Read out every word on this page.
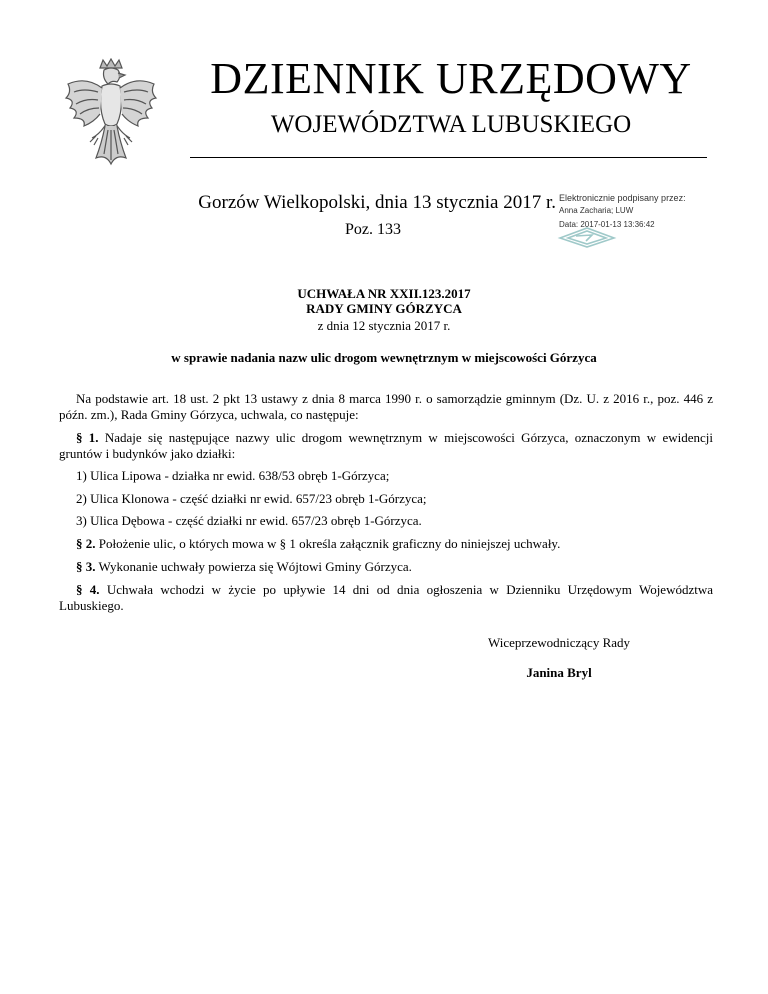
DZIENNIK URZĘDOWY
WOJEWÓDZTWA LUBUSKIEGO
Gorzów Wielkopolski, dnia 13 stycznia 2017 r. Elektronicznie podpisany przez:
Anna Zacharia; LUW
Data: 2017-01-13 13:36:42
Poz. 133
UCHWAŁA NR XXII.123.2017
RADY GMINY GÓRZYCA
z dnia 12 stycznia 2017 r.
w sprawie nadania nazw ulic drogom wewnętrznym w miejscowości Górzyca
Na podstawie art. 18 ust. 2 pkt 13 ustawy z dnia 8 marca 1990 r. o samorządzie gminnym (Dz. U. z 2016 r., poz. 446 z późn. zm.), Rada Gminy Górzyca, uchwala, co następuje:
§ 1. Nadaje się następujące nazwy ulic drogom wewnętrznym w miejscowości Górzyca, oznaczonym w ewidencji gruntów i budynków jako działki:
1) Ulica Lipowa - działka nr ewid. 638/53 obręb 1-Górzyca;
2) Ulica Klonowa - część działki nr ewid. 657/23 obręb 1-Górzyca;
3) Ulica Dębowa - część działki nr ewid. 657/23 obręb 1-Górzyca.
§ 2. Położenie ulic, o których mowa w § 1 określa załącznik graficzny do niniejszej uchwały.
§ 3. Wykonanie uchwały powierza się Wójtowi Gminy Górzyca.
§ 4. Uchwała wchodzi w życie po upływie 14 dni od dnia ogłoszenia w Dzienniku Urzędowym Województwa Lubuskiego.
Wiceprzewodniczący Rady
Janina Bryl
